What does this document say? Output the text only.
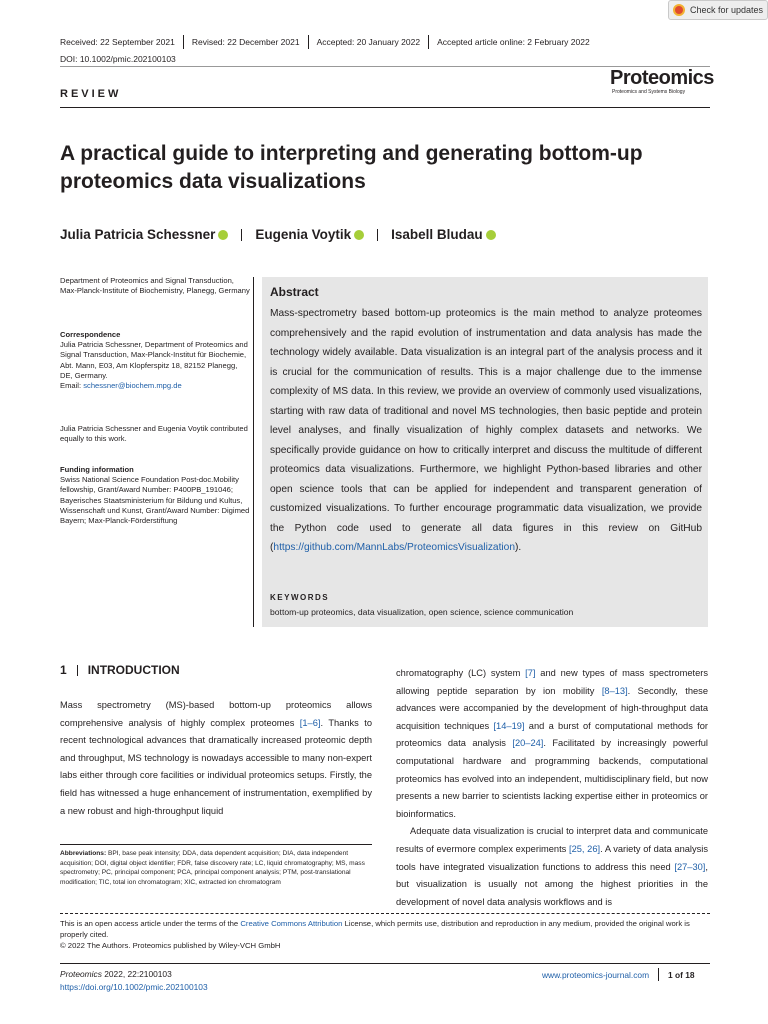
Check for updates
Received: 22 September 2021	Revised: 22 December 2021	Accepted: 20 January 2022	Accepted article online: 2 February 2022
DOI: 10.1002/pmic.202100103
Proteomics
Proteomics and Systems Biology
REVIEW
A practical guide to interpreting and generating bottom-up proteomics data visualizations
Julia Patricia Schessner	Eugenia Voytik	Isabell Bludau
Department of Proteomics and Signal Transduction, Max-Planck-Institute of Biochemistry, Planegg, Germany
Correspondence
Julia Patricia Schessner, Department of Proteomics and Signal Transduction, Max-Planck-Institut für Biochemie, Abt. Mann, E03, Am Klopferspitz 18, 82152 Planegg, DE, Germany.
Email: schessner@biochem.mpg.de
Julia Patricia Schessner and Eugenia Voytik contributed equally to this work.
Funding information
Swiss National Science Foundation Post-doc.Mobility fellowship, Grant/Award Number: P400PB_191046; Bayerisches Staatsministerium für Bildung und Kultus, Wissenschaft und Kunst, Grant/Award Number: Digimed Bayern; Max-Planck-Förderstiftung
Abstract
Mass-spectrometry based bottom-up proteomics is the main method to analyze proteomes comprehensively and the rapid evolution of instrumentation and data analysis has made the technology widely available. Data visualization is an integral part of the analysis process and it is crucial for the communication of results. This is a major challenge due to the immense complexity of MS data. In this review, we provide an overview of commonly used visualizations, starting with raw data of traditional and novel MS technologies, then basic peptide and protein level analyses, and finally visualization of highly complex datasets and networks. We specifically provide guidance on how to critically interpret and discuss the multitude of different proteomics data visualizations. Furthermore, we highlight Python-based libraries and other open science tools that can be applied for independent and transparent generation of customized visualizations. To further encourage programmatic data visualization, we provide the Python code used to generate all data figures in this review on GitHub (https://github.com/MannLabs/ProteomicsVisualization).
KEYWORDS
bottom-up proteomics, data visualization, open science, science communication
1 INTRODUCTION
Mass spectrometry (MS)-based bottom-up proteomics allows comprehensive analysis of highly complex proteomes [1–6]. Thanks to recent technological advances that dramatically increased proteomic depth and throughput, MS technology is nowadays accessible to many non-expert labs either through core facilities or individual proteomics setups. Firstly, the field has witnessed a huge enhancement of instrumentation, exemplified by a new robust and high-throughput liquid

chromatography (LC) system [7] and new types of mass spectrometers allowing peptide separation by ion mobility [8–13]. Secondly, these advances were accompanied by the development of high-throughput data acquisition techniques [14–19] and a burst of computational methods for proteomics data analysis [20–24]. Facilitated by increasingly powerful computational hardware and programming backends, computational proteomics has evolved into an independent, multidisciplinary field, but now presents a new barrier to scientists lacking expertise either in proteomics or bioinformatics.

Adequate data visualization is crucial to interpret data and communicate results of evermore complex experiments [25, 26]. A variety of data analysis tools have integrated visualization functions to address this need [27–30], but visualization is usually not among the highest priorities in the development of novel data analysis workflows and is

Abbreviations: BPI, base peak intensity; DDA, data dependent acquisition; DIA, data independent acquisition; DOI, digital object identifier; FDR, false discovery rate; LC, liquid chromatography; MS, mass spectrometry; PC, principal component; PCA, principal component analysis; PTM, post-translational modification; TIC, total ion chromatogram; XIC, extracted ion chromatogram
This is an open access article under the terms of the Creative Commons Attribution License, which permits use, distribution and reproduction in any medium, provided the original work is properly cited.
© 2022 The Authors. Proteomics published by Wiley-VCH GmbH
Proteomics 2022, 22:2100103
https://doi.org/10.1002/pmic.202100103
www.proteomics-journal.com 1 of 18
